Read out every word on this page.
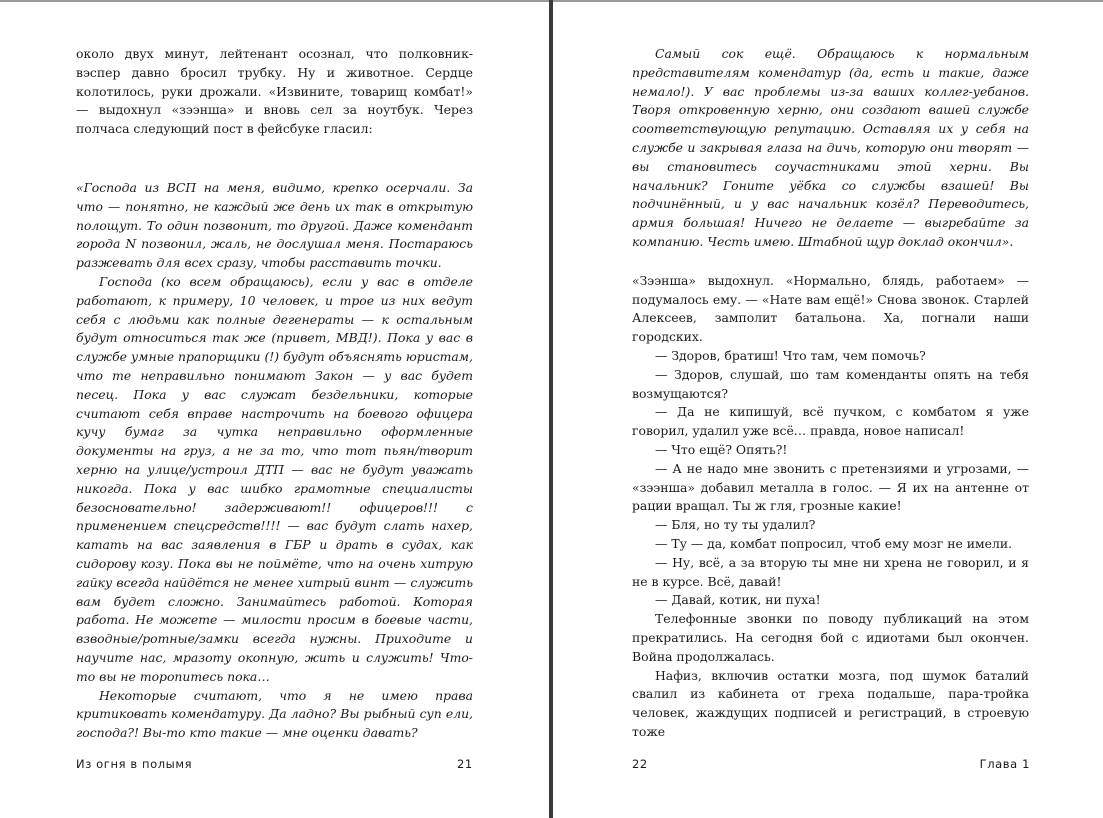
около двух минут, лейтенант осознал, что полковник-вэспер давно бросил трубку. Ну и животное. Сердце колотилось, руки дрожали. «Извините, товарищ комбат!» — выдохнул «зээнша» и вновь сел за ноутбук. Через полчаса следующий пост в фейсбуке гласил:

«Господа из ВСП на меня, видимо, крепко осерчали. За что — понятно, не каждый же день их так в открытую полощут. То один позвонит, то другой. Даже комендант города N позвонил, жаль, не дослушал меня. Постараюсь разжевать для всех сразу, чтобы расставить точки.

Господа (ко всем обращаюсь), если у вас в отделе работают, к примеру, 10 человек, и трое из них ведут себя с людьми как полные дегенераты — к остальным будут относиться так же (привет, МВД!). Пока у вас в службе умные прапорщики (!) будут объяснять юристам, что те неправильно понимают Закон — у вас будет песец. Пока у вас служат бездельники, которые считают себя вправе настрочить на боевого офицера кучу бумаг за чутка неправильно оформленные документы на груз, а не за то, что тот пьян/творит херню на улице/устроил ДТП — вас не будут уважать никогда. Пока у вас шибко грамотные специалисты безосновательно! задерживают!! офицеров!!! с применением спецсредств!!!! — вас будут слать нахер, катать на вас заявления в ГБР и драть в судах, как сидорову козу. Пока вы не поймёте, что на очень хитрую гайку всегда найдётся не менее хитрый винт — служить вам будет сложно. Занимайтесь работой. Которая работа. Не можете — милости просим в боевые части, взводные/ротные/замки всегда нужны. Приходите и научите нас, мразоту окопную, жить и служить! Что-то вы не торопитесь пока…

Некоторые считают, что я не имею права критиковать комендатуру. Да ладно? Вы рыбный суп ели, господа?! Вы-то кто такие — мне оценки давать?

Из огня в полымя	21

Самый сок ещё. Обращаюсь к нормальным представителям комендатур (да, есть и такие, даже немало!). У вас проблемы из-за ваших коллег-уебанов. Творя откровенную херню, они создают вашей службе соответствующую репутацию. Оставляя их у себя на службе и закрывая глаза на дичь, которую они творят — вы становитесь соучастниками этой херни. Вы начальник? Гоните уёбка со службы взашей! Вы подчинённый, и у вас начальник козёл? Переводитесь, армия большая! Ничего не делаете — выгребайте за компанию. Честь имею. Штабной щур доклад окончил».

«Зээнша» выдохнул. «Нормально, блядь, работаем» — подумалось ему. — «Нате вам ещё!» Снова звонок. Старлей Алексеев, замполит батальона. Ха, погнали наши городских.

— Здоров, братиш! Что там, чем помочь?

— Здоров, слушай, шо там коменданты опять на тебя возмущаются?

— Да не кипишуй, всё пучком, с комбатом я уже говорил, удалил уже всё… правда, новое написал!

— Что ещё? Опять?!

— А не надо мне звонить с претензиями и угрозами, — «зээнша» добавил металла в голос. — Я их на антенне от рации вращал. Ты ж гля, грозные какие!

— Бля, но ту ты удалил?

— Ту — да, комбат попросил, чтоб ему мозг не имели.

— Ну, всё, а за вторую ты мне ни хрена не говорил, и я не в курсе. Всё, давай!

— Давай, котик, ни пуха!

Телефонные звонки по поводу публикаций на этом прекратились. На сегодня бой с идиотами был окончен. Война продолжалась.

Нафиз, включив остатки мозга, под шумок баталий свалил из кабинета от греха подальше, пара-тройка человек, жаждущих подписей и регистраций, в строевую тоже

22	Глава 1
